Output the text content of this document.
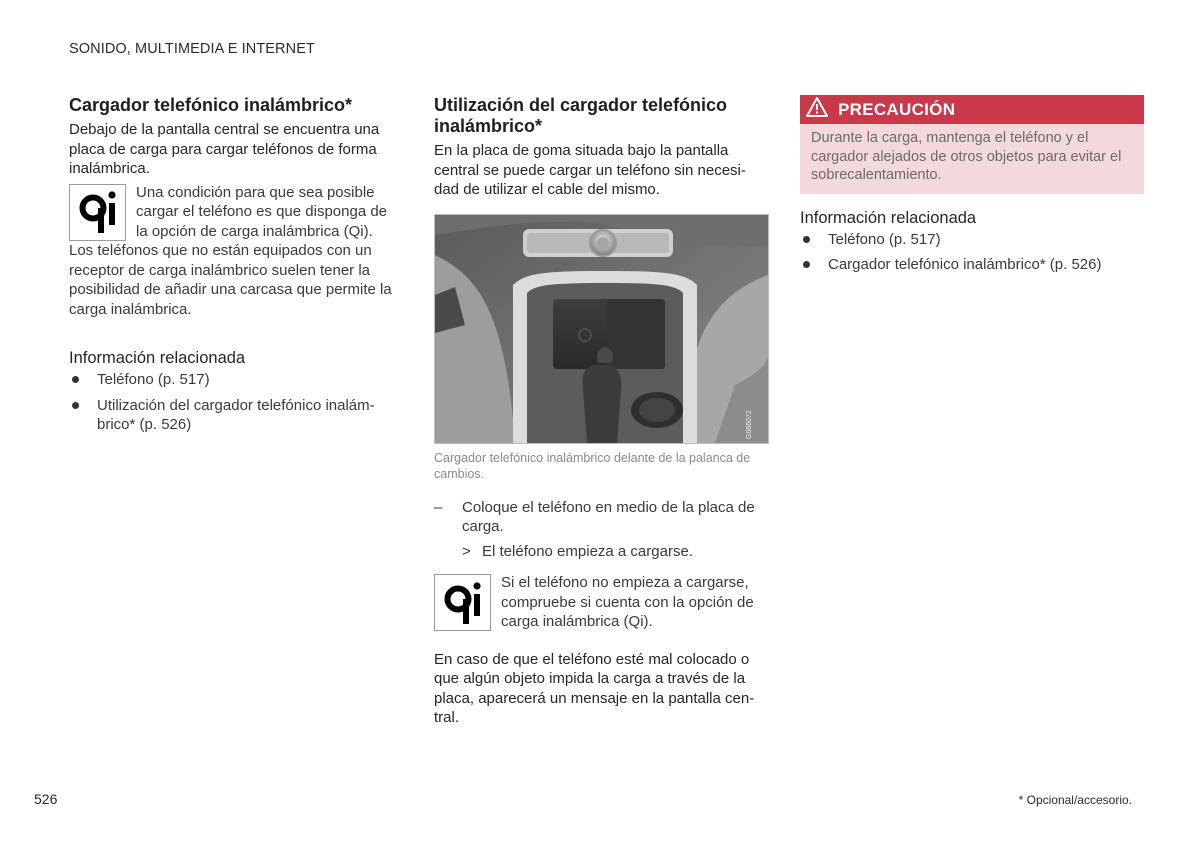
SONIDO, MULTIMEDIA E INTERNET
Cargador telefónico inalámbrico*

Debajo de la pantalla central se encuentra una placa de carga para cargar teléfonos de forma inalámbrica.

Una condición para que sea posible cargar el teléfono es que disponga de la opción de carga inalámbrica (Qi). Los teléfonos que no están equipados con un receptor de carga inalámbrico suelen tener la posibilidad de añadir una carcasa que permite la carga inalámbrica.
Información relacionada
Teléfono (p. 517)
Utilización del cargador telefónico inalám-brico* (p. 526)
Utilización del cargador telefónico inalámbrico*

En la placa de goma situada bajo la pantalla central se puede cargar un teléfono sin necesi-dad de utilizar el cable del mismo.

G066072
Cargador telefónico inalámbrico delante de la palanca de cambios.
– Coloque el teléfono en medio de la placa de carga.
> El teléfono empieza a cargarse.
Si el teléfono no empieza a cargarse, compruebe si cuenta con la opción de carga inalámbrica (Qi).

En caso de que el teléfono esté mal colocado o que algún objeto impida la carga a través de la placa, aparecerá un mensaje en la pantalla cen-tral.

PRECAUCIÓN
Durante la carga, mantenga el teléfono y el cargador alejados de otros objetos para evitar el sobrecalentamiento.
Información relacionada
Teléfono (p. 517)
Cargador telefónico inalámbrico* (p. 526)
526	* Opcional/accesorio.
